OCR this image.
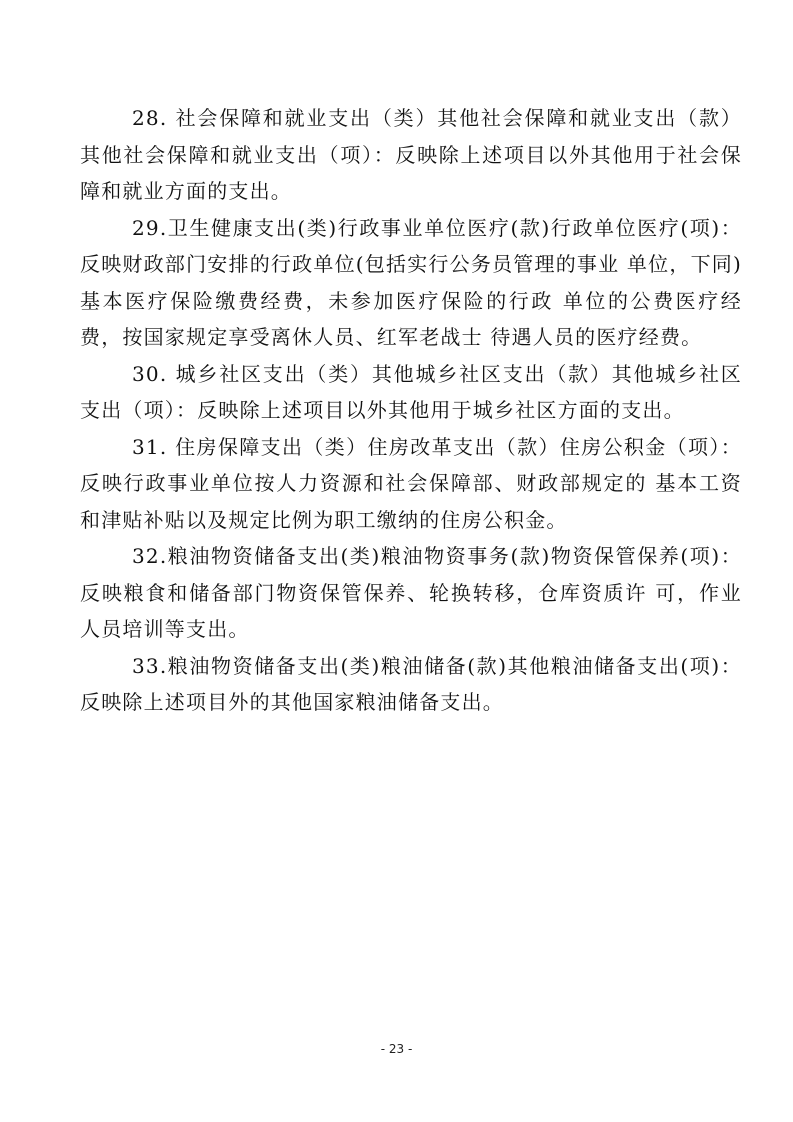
28. 社会保障和就业支出（类）其他社会保障和就业支出（款）其他社会保障和就业支出（项）：反映除上述项目以外其他用于社会保障和就业方面的支出。

29.卫生健康支出(类)行政事业单位医疗(款)行政单位医疗(项)：反映财政部门安排的行政单位(包括实行公务员管理的事业 单位，下同)基本医疗保险缴费经费，未参加医疗保险的行政 单位的公费医疗经费，按国家规定享受离休人员、红军老战士 待遇人员的医疗经费。

30. 城乡社区支出（类）其他城乡社区支出（款）其他城乡社区支出（项）：反映除上述项目以外其他用于城乡社区方面的支出。

31. 住房保障支出（类）住房改革支出（款）住房公积金（项）：反映行政事业单位按人力资源和社会保障部、财政部规定的 基本工资和津贴补贴以及规定比例为职工缴纳的住房公积金。

32.粮油物资储备支出(类)粮油物资事务(款)物资保管保养(项)：反映粮食和储备部门物资保管保养、轮换转移，仓库资质许 可，作业人员培训等支出。

33.粮油物资储备支出(类)粮油储备(款)其他粮油储备支出(项)：反映除上述项目外的其他国家粮油储备支出。

- 23 -
